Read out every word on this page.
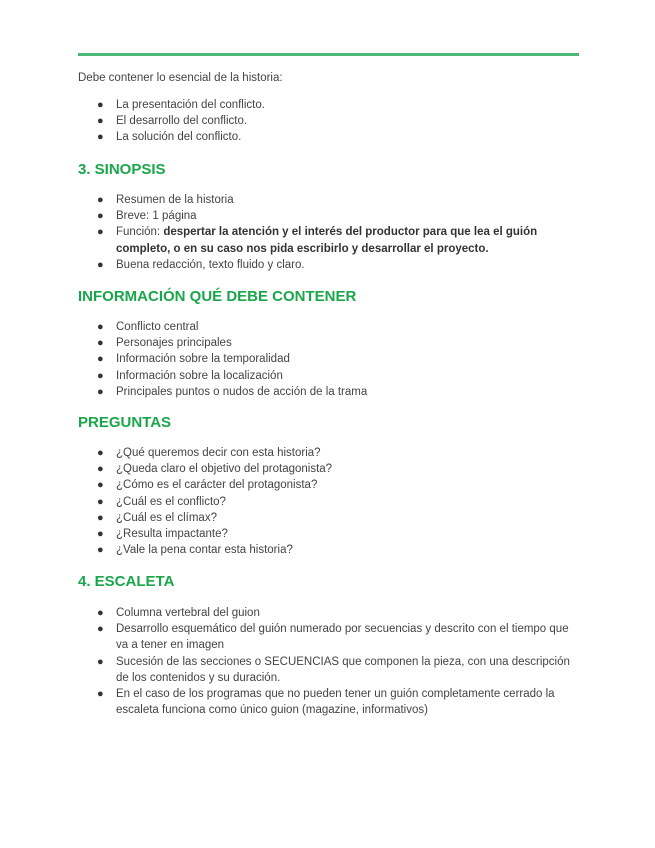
Debe contener lo esencial de la historia:

● La presentación del conflicto.
● El desarrollo del conflicto.
● La solución del conflicto.
3. SINOPSIS
● Resumen de la historia
● Breve: 1 página
● Función: despertar la atención y el interés del productor para que lea el guión completo, o en su caso nos pida escribirlo y desarrollar el proyecto.
● Buena redacción, texto fluido y claro.
INFORMACIÓN QUÉ DEBE CONTENER
● Conflicto central
● Personajes principales
● Información sobre la temporalidad
● Información sobre la localización
● Principales puntos o nudos de acción de la trama
PREGUNTAS
● ¿Qué queremos decir con esta historia?
● ¿Queda claro el objetivo del protagonista?
● ¿Cómo es el carácter del protagonista?
● ¿Cuál es el conflicto?
● ¿Cuál es el clímax?
● ¿Resulta impactante?
● ¿Vale la pena contar esta historia?
4. ESCALETA
● Columna vertebral del guion
● Desarrollo esquemático del guión numerado por secuencias y descrito con el tiempo que va a tener en imagen
● Sucesión de las secciones o SECUENCIAS que componen la pieza, con una descripción de los contenidos y su duración.
● En el caso de los programas que no pueden tener un guión completamente cerrado la escaleta funciona como único guion (magazine, informativos)
